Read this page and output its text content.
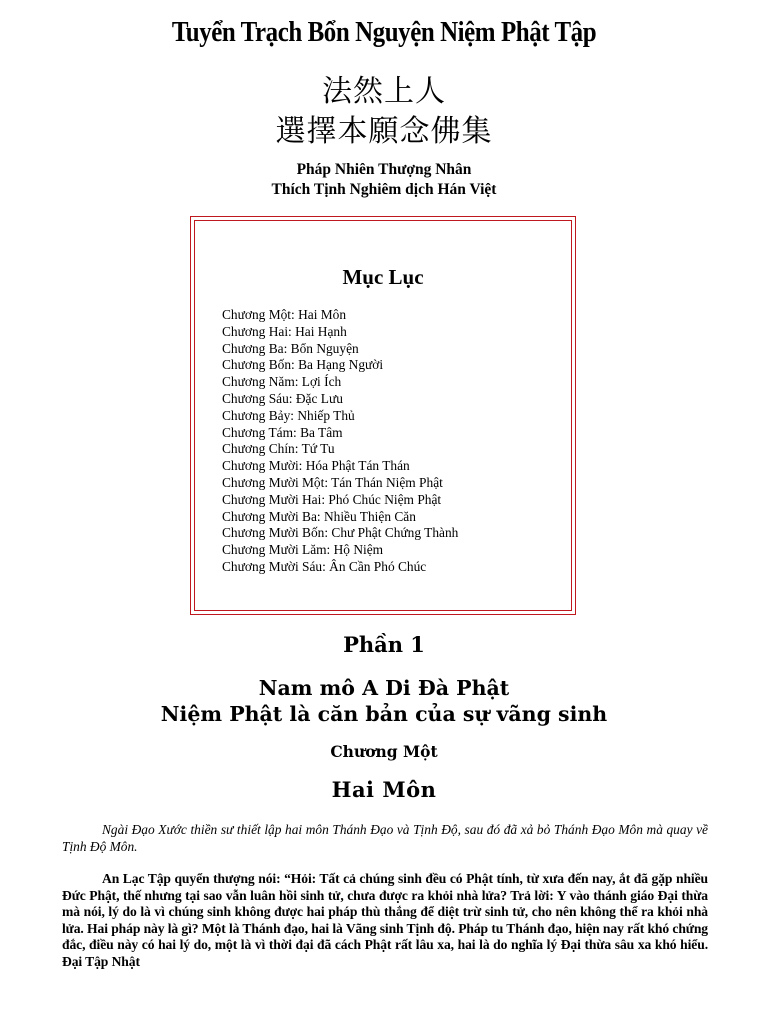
Tuyển Trạch Bổn Nguyện Niệm Phật Tập
法然上人
選擇本願念佛集
Pháp Nhiên Thượng Nhân
Thích Tịnh Nghiêm dịch Hán Việt
Mục Lục
Chương Một: Hai Môn
Chương Hai: Hai Hạnh
Chương Ba: Bổn Nguyện
Chương Bốn: Ba Hạng Người
Chương Năm: Lợi Ích
Chương Sáu: Đặc Lưu
Chương Bảy: Nhiếp Thủ
Chương Tám: Ba Tâm
Chương Chín: Tứ Tu
Chương Mười: Hóa Phật Tán Thán
Chương Mười Một: Tán Thán Niệm Phật
Chương Mười Hai: Phó Chúc Niệm Phật
Chương Mười Ba: Nhiều Thiện Căn
Chương Mười Bốn: Chư Phật Chứng Thành
Chương Mười Lăm: Hộ Niệm
Chương Mười Sáu: Ân Cần Phó Chúc
Phần 1
Nam mô A Di Đà Phật
Niệm Phật là căn bản của sự vãng sinh
Chương Một
Hai Môn

Ngài Đạo Xước thiền sư thiết lập hai môn Thánh Đạo và Tịnh Độ, sau đó đã xả bỏ Thánh Đạo Môn mà quay về Tịnh Độ Môn.

An Lạc Tập quyển thượng nói: “Hỏi: Tất cả chúng sinh đều có Phật tính, từ xưa đến nay, ắt đã gặp nhiều Đức Phật, thế nhưng tại sao vẫn luân hồi sinh tử, chưa được ra khỏi nhà lửa? Trả lời: Y vào thánh giáo Đại thừa mà nói, lý do là vì chúng sinh không được hai pháp thù thắng để diệt trừ sinh tử, cho nên không thể ra khỏi nhà lửa. Hai pháp này là gì? Một là Thánh đạo, hai là Vãng sinh Tịnh độ. Pháp tu Thánh đạo, hiện nay rất khó chứng đắc, điều này có hai lý do, một là vì thời đại đã cách Phật rất lâu xa, hai là do nghĩa lý Đại thừa sâu xa khó hiểu. Đại Tập Nhật
